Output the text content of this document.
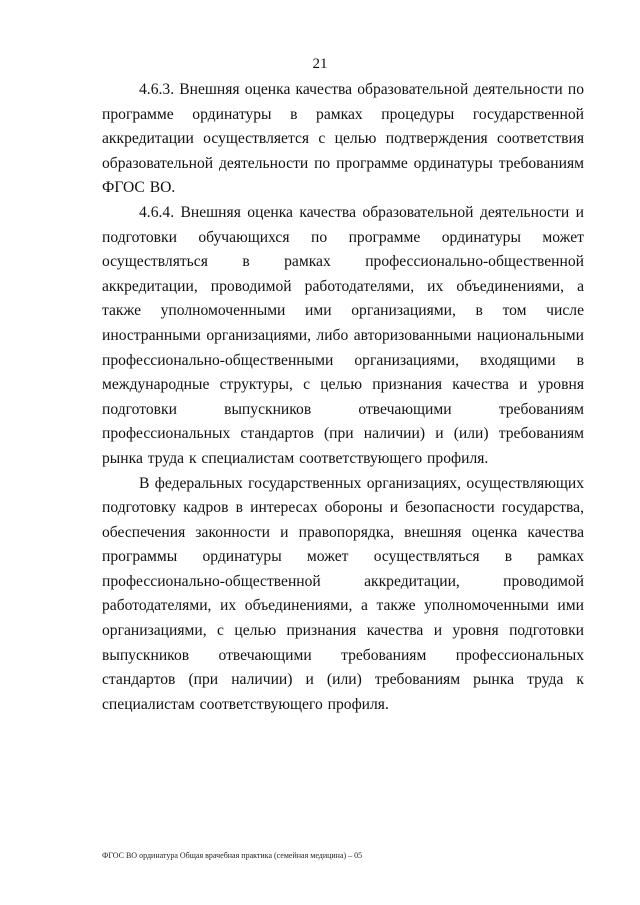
21

4.6.3. Внешняя оценка качества образовательной деятельности по программе ординатуры в рамках процедуры государственной аккредитации осуществляется с целью подтверждения соответствия образовательной деятельности по программе ординатуры требованиям ФГОС ВО.

4.6.4. Внешняя оценка качества образовательной деятельности и подготовки обучающихся по программе ординатуры может осуществляться в рамках профессионально-общественной аккредитации, проводимой работодателями, их объединениями, а также уполномоченными ими организациями, в том числе иностранными организациями, либо авторизованными национальными профессионально-общественными организациями, входящими в международные структуры, с целью признания качества и уровня подготовки выпускников отвечающими требованиям профессиональных стандартов (при наличии) и (или) требованиям рынка труда к специалистам соответствующего профиля.

В федеральных государственных организациях, осуществляющих подготовку кадров в интересах обороны и безопасности государства, обеспечения законности и правопорядка, внешняя оценка качества программы ординатуры может осуществляться в рамках профессионально-общественной аккредитации, проводимой работодателями, их объединениями, а также уполномоченными ими организациями, с целью признания качества и уровня подготовки выпускников отвечающими требованиям профессиональных стандартов (при наличии) и (или) требованиям рынка труда к специалистам соответствующего профиля.

ФГОС ВО ординатура Общая врачебная практика (семейная медицина) – 05
